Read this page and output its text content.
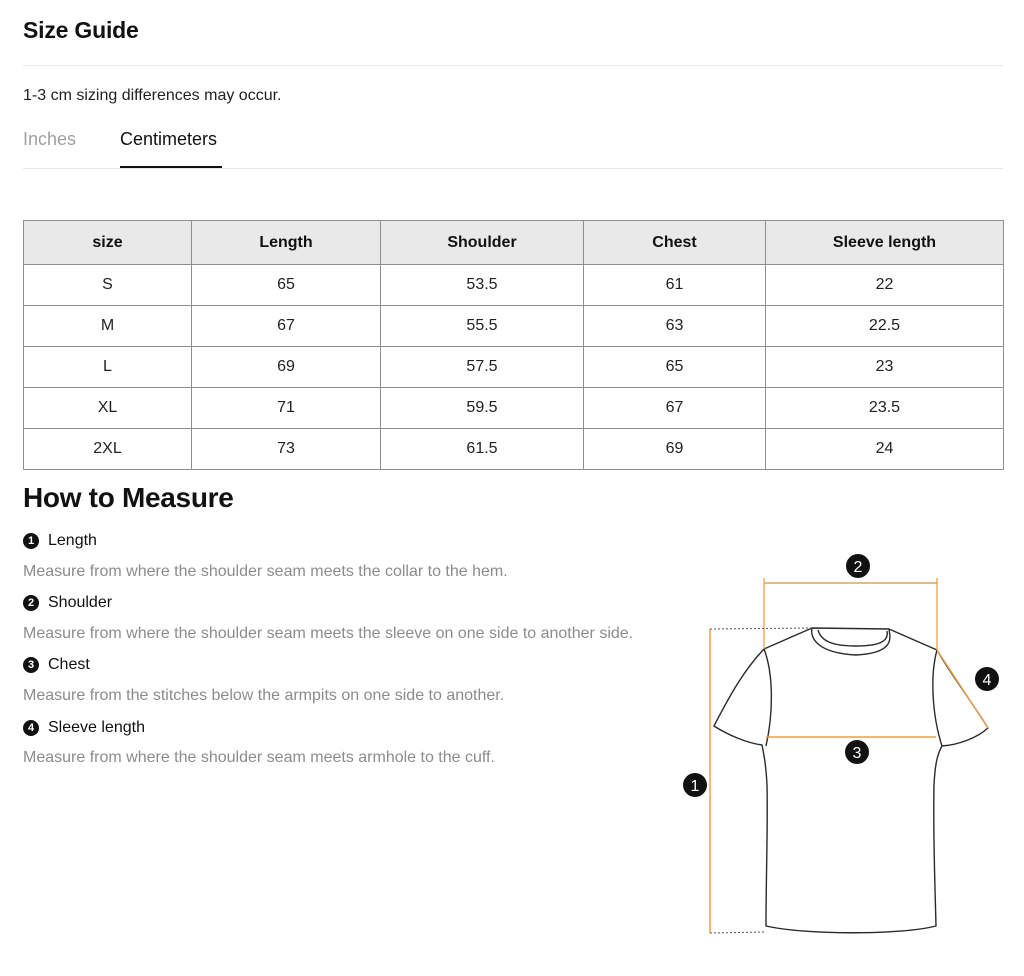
Size Guide
1-3 cm sizing differences may occur.
Inches Centimeters
size	Length	Shoulder	Chest	Sleeve length
S	65	53.5	61	22
M	67	55.5	63	22.5
L	69	57.5	65	23
XL	71	59.5	67	23.5
2XL	73	61.5	69	24
How to Measure
1 Length
Measure from where the shoulder seam meets the collar to the hem.
2 Shoulder
Measure from where the shoulder seam meets the sleeve on one side to another side.
3 Chest
Measure from the stitches below the armpits on one side to another.
4 Sleeve length
Measure from where the shoulder seam meets armhole to the cuff.
1
2
3
4
